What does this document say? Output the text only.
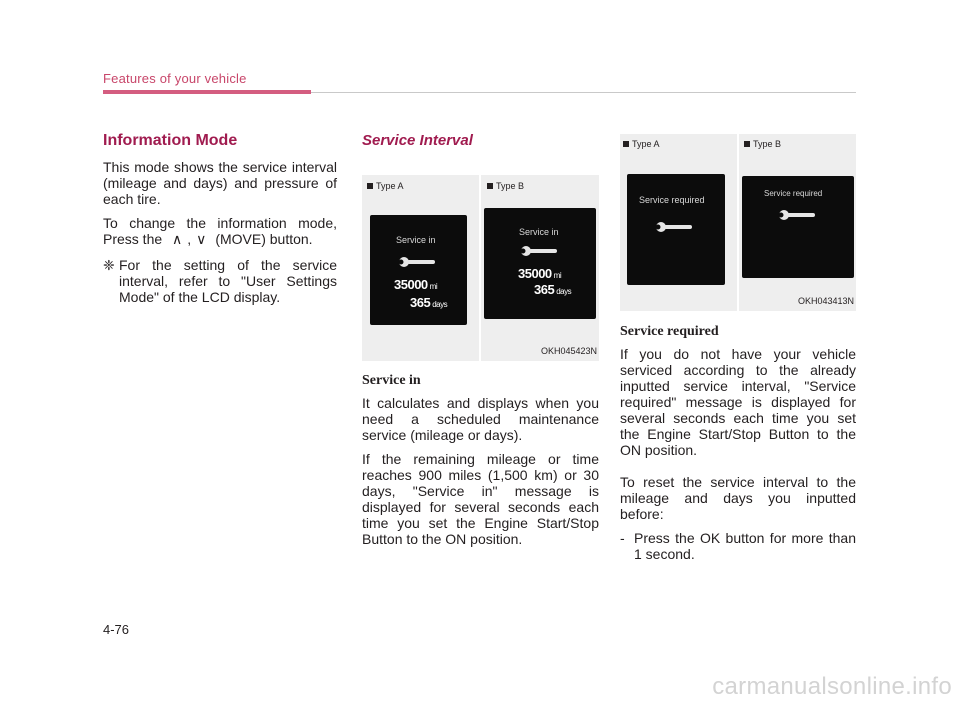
Features of your vehicle
Information Mode

This mode shows the service interval (mileage and days) and pressure of each tire.

To change the information mode, Press the ∧ , ∨ (MOVE) button.

❈ For the setting of the service interval, refer to "User Settings Mode" of the LCD display.

Service Interval
Type A	Type B
Service in
35000 mi
365 days
Service in
35000 mi
365 days
OKH045423N
Service in

It calculates and displays when you need a scheduled maintenance service (mileage or days).

If the remaining mileage or time reaches 900 miles (1,500 km) or 30 days, "Service in" message is displayed for several seconds each time you set the Engine Start/Stop Button to the ON position.

Type A	Type B
Service required
Service required
OKH043413N
Service required

If you do not have your vehicle serviced according to the already inputted service interval, "Service required" message is displayed for several seconds each time you set the Engine Start/Stop Button to the ON position.

To reset the service interval to the mileage and days you inputted before:

- Press the OK button for more than 1 second.

4-76
carmanualsonline.info
